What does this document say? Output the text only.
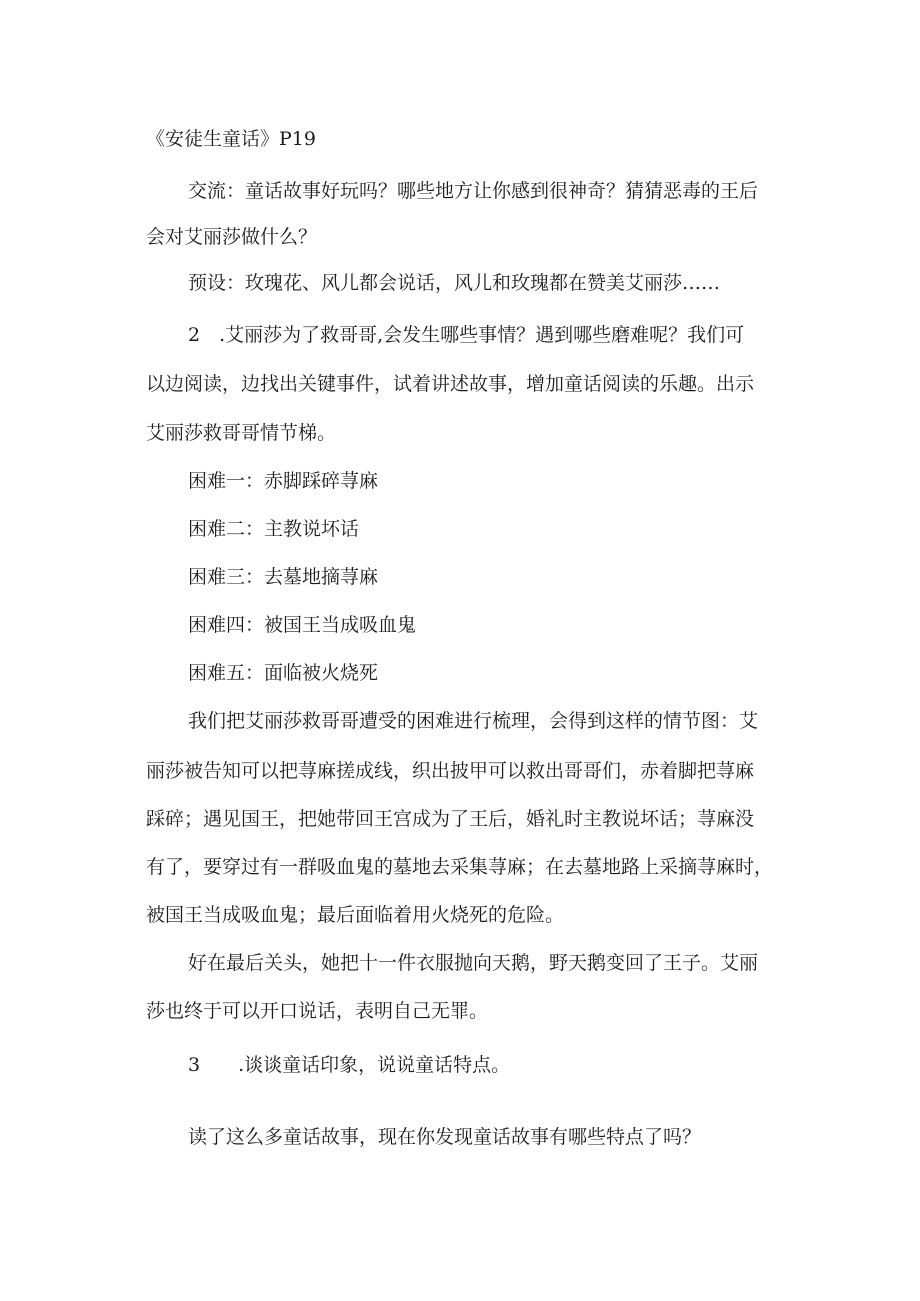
《安徒生童话》P19
交流：童话故事好玩吗？哪些地方让你感到很神奇？猜猜恶毒的王后
会对艾丽莎做什么？
预设：玫瑰花、风儿都会说话，风儿和玫瑰都在赞美艾丽莎……
2　.艾丽莎为了救哥哥,会发生哪些事情？遇到哪些磨难呢？我们可
以边阅读，边找出关键事件，试着讲述故事，增加童话阅读的乐趣。出示
艾丽莎救哥哥情节梯。
困难一：赤脚踩碎荨麻
困难二：主教说坏话
困难三：去墓地摘荨麻
困难四：被国王当成吸血鬼
困难五：面临被火烧死
我们把艾丽莎救哥哥遭受的困难进行梳理，会得到这样的情节图：艾
丽莎被告知可以把荨麻搓成线，织出披甲可以救出哥哥们，赤着脚把荨麻
踩碎；遇见国王，把她带回王宫成为了王后，婚礼时主教说坏话；荨麻没
有了，要穿过有一群吸血鬼的墓地去采集荨麻；在去墓地路上采摘荨麻时，
被国王当成吸血鬼；最后面临着用火烧死的危险。
好在最后关头，她把十一件衣服抛向天鹅，野天鹅变回了王子。艾丽
莎也终于可以开口说话，表明自己无罪。
3　　.谈谈童话印象，说说童话特点。
读了这么多童话故事，现在你发现童话故事有哪些特点了吗？
